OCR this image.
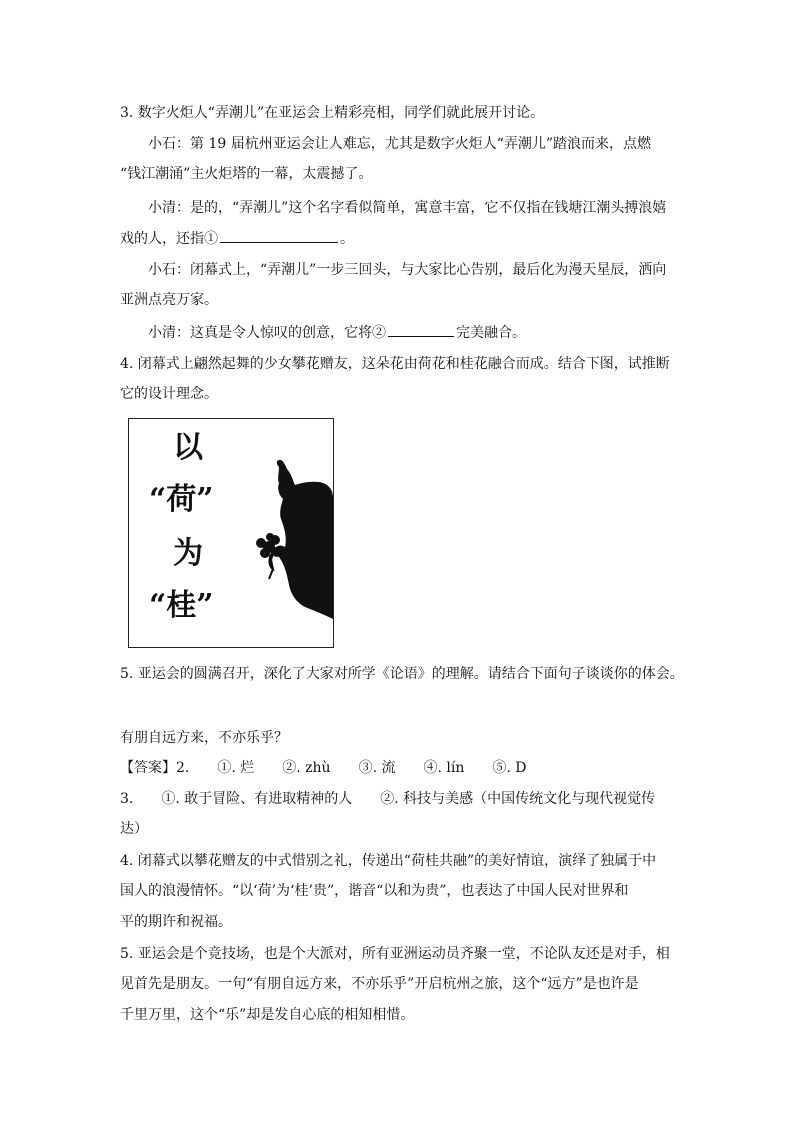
3. 数字火炬人“弄潮儿”在亚运会上精彩亮相，同学们就此展开讨论。
小石：第 19 届杭州亚运会让人难忘，尤其是数字火炬人“弄潮儿”踏浪而来，点燃
“钱江潮涌”主火炬塔的一幕，太震撼了。
小清：是的，“弄潮儿”这个名字看似简单，寓意丰富，它不仅指在钱塘江潮头搏浪嬉
戏的人，还指①	。
小石：闭幕式上，“弄潮儿”一步三回头，与大家比心告别，最后化为漫天星辰，洒向
亚洲点亮万家。
小清：这真是令人惊叹的创意，它将②	完美融合。
4. 闭幕式上翩然起舞的少女攀花赠友，这朵花由荷花和桂花融合而成。结合下图，试推断
它的设计理念。
以
“荷”
为
“桂”
5. 亚运会的圆满召开，深化了大家对所学《论语》的理解。请结合下面句子谈谈你的体会。
有朋自远方来，不亦乐乎？
【答案】2.　　①. 烂　　②. zhù　　③. 流　　④. lín　　⑤. D
3.　　①. 敢于冒险、有进取精神的人　　②. 科技与美感（中国传统文化与现代视觉传
达）
4. 闭幕式以攀花赠友的中式惜别之礼，传递出“荷桂共融”的美好情谊，演绎了独属于中
国人的浪漫情怀。“以‘荷’为‘桂’贵”，谐音“以和为贵”，也表达了中国人民对世界和
平的期许和祝福。
5. 亚运会是个竞技场，也是个大派对，所有亚洲运动员齐聚一堂，不论队友还是对手，相
见首先是朋友。一句“有朋自远方来，不亦乐乎”开启杭州之旅，这个“远方”是也许是
千里万里，这个“乐”却是发自心底的相知相惜。
